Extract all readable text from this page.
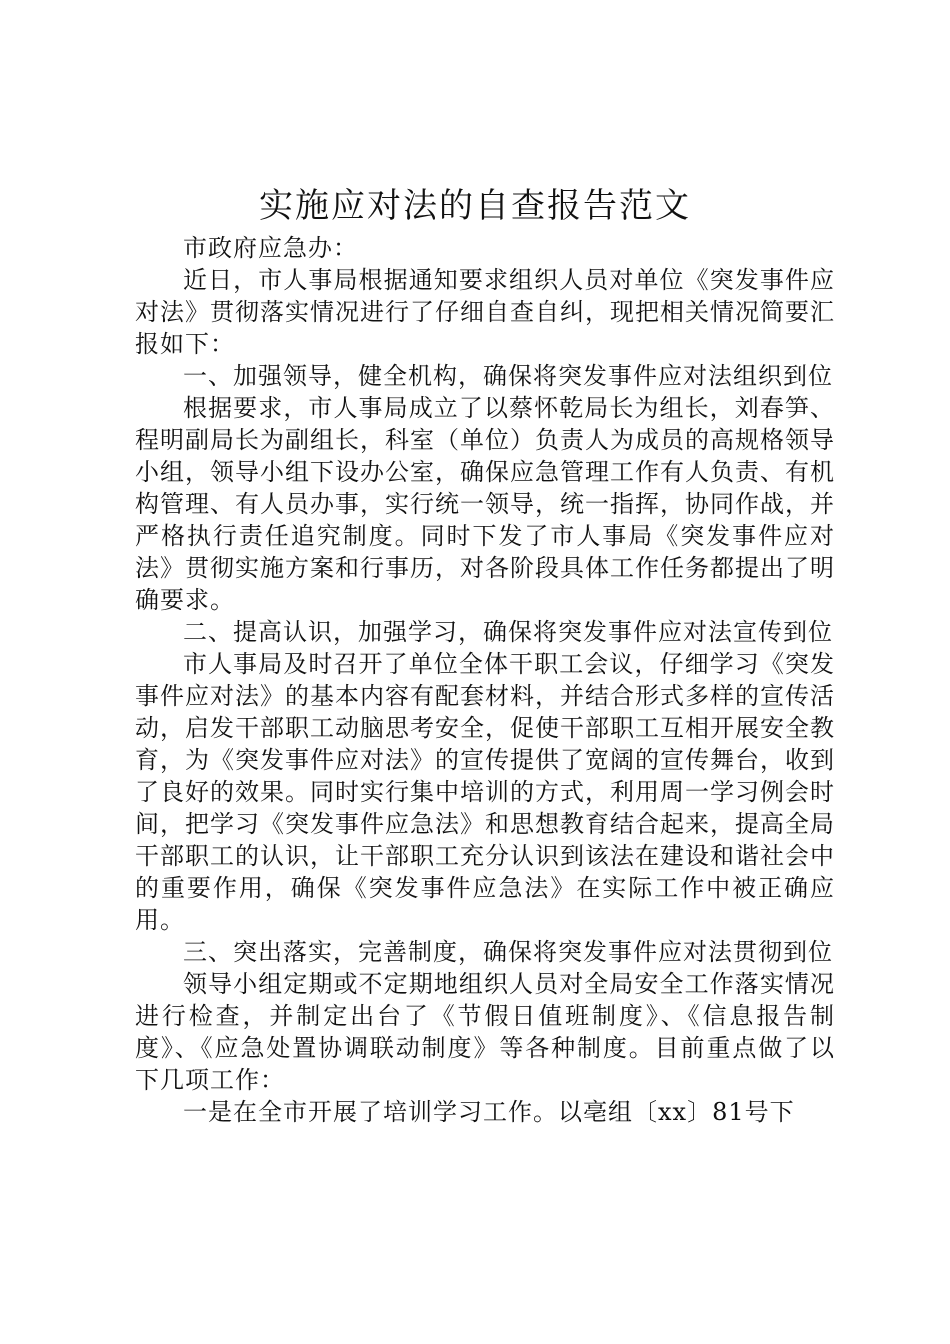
实施应对法的自查报告范文

市政府应急办：

近日，市人事局根据通知要求组织人员对单位《突发事件应对法》贯彻落实情况进行了仔细自查自纠，现把相关情况简要汇报如下：

一、加强领导，健全机构，确保将突发事件应对法组织到位

根据要求，市人事局成立了以蔡怀乾局长为组长，刘春笋、程明副局长为副组长，科室（单位）负责人为成员的高规格领导小组，领导小组下设办公室，确保应急管理工作有人负责、有机构管理、有人员办事，实行统一领导，统一指挥，协同作战，并严格执行责任追究制度。同时下发了市人事局《突发事件应对法》贯彻实施方案和行事历，对各阶段具体工作任务都提出了明确要求。

二、提高认识，加强学习，确保将突发事件应对法宣传到位

市人事局及时召开了单位全体干职工会议，仔细学习《突发事件应对法》的基本内容有配套材料，并结合形式多样的宣传活动，启发干部职工动脑思考安全，促使干部职工互相开展安全教育，为《突发事件应对法》的宣传提供了宽阔的宣传舞台，收到了良好的效果。同时实行集中培训的方式，利用周一学习例会时间，把学习《突发事件应急法》和思想教育结合起来，提高全局干部职工的认识，让干部职工充分认识到该法在建设和谐社会中的重要作用，确保《突发事件应急法》在实际工作中被正确应用。

三、突出落实，完善制度，确保将突发事件应对法贯彻到位

领导小组定期或不定期地组织人员对全局安全工作落实情况进行检查，并制定出台了《节假日值班制度》、《信息报告制度》、《应急处置协调联动制度》等各种制度。目前重点做了以下几项工作：

一是在全市开展了培训学习工作。以亳组〔xx〕81号下
